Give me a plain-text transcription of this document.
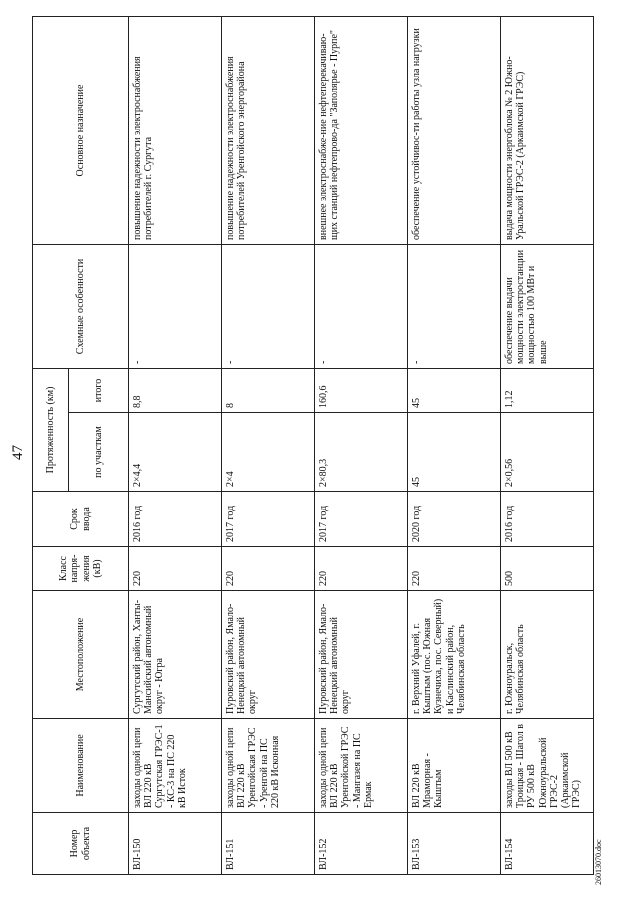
47
Номер объекта	Наименование	Местоположение	Класс напря-жения (кВ)	Срок ввода	Протяженность (км)		Схемные особенности	Основное назначение
					по участкам	итого		
ВЛ-150	заходы одной цепи ВЛ 220 кВ Сургутская ГРЭС-1 - КС-3 на ПС 220 кВ Исток	Сургутский район, Ханты-Мансийский автономный округ - Югра	220	2016 год	2×4,4	8,8	-	повышение надежности электроснабжения потребителей г. Сургута
ВЛ-151	заходы одной цепи ВЛ 220 кВ Уренгойская ГРЭС - Уренгой на ПС 220 кВ Исконная	Пуровский район, Ямало-Ненецкий автономный округ	220	2017 год	2×4	8	-	повышение надежности электроснабжения потребителей Уренгойского энергорайона
ВЛ-152	заходы одной цепи ВЛ 220 кВ Уренгойской ГРЭС - Мангазея на ПС Ермак	Пуровский район, Ямало-Ненецкий автономный округ	220	2017 год	2×80,3	160,6	-	внешнее электроснабже-ние нефтеперекачиваю-щих станций нефтепрово-да "Заполярье - Пурпе"
ВЛ-153	ВЛ 220 кВ Мраморная - Кыштым	г. Верхний Уфалей, г. Кыштым (пос. Южная Кузнечиха, пос. Северный) и Каслинский район, Челябинская область	220	2020 год	45	45	-	обеспечение устойчивос-ти работы узла нагрузки
ВЛ-154	заходы ВЛ 500 кВ Троицкая - Шагол в РУ 500 кВ Южноуральской ГРЭС-2 (Аркаимской ГРЭС)	г. Южноуральск, Челябинская область	500	2016 год	2×0,56	1,12	обеспечение выдачи мощности электростанции мощностью 100 МВт и выше	выдача мощности энергоблока № 2 Южно-Уральской ГРЭС-2 (Аркаимской ГРЭС)
26013070.doc
